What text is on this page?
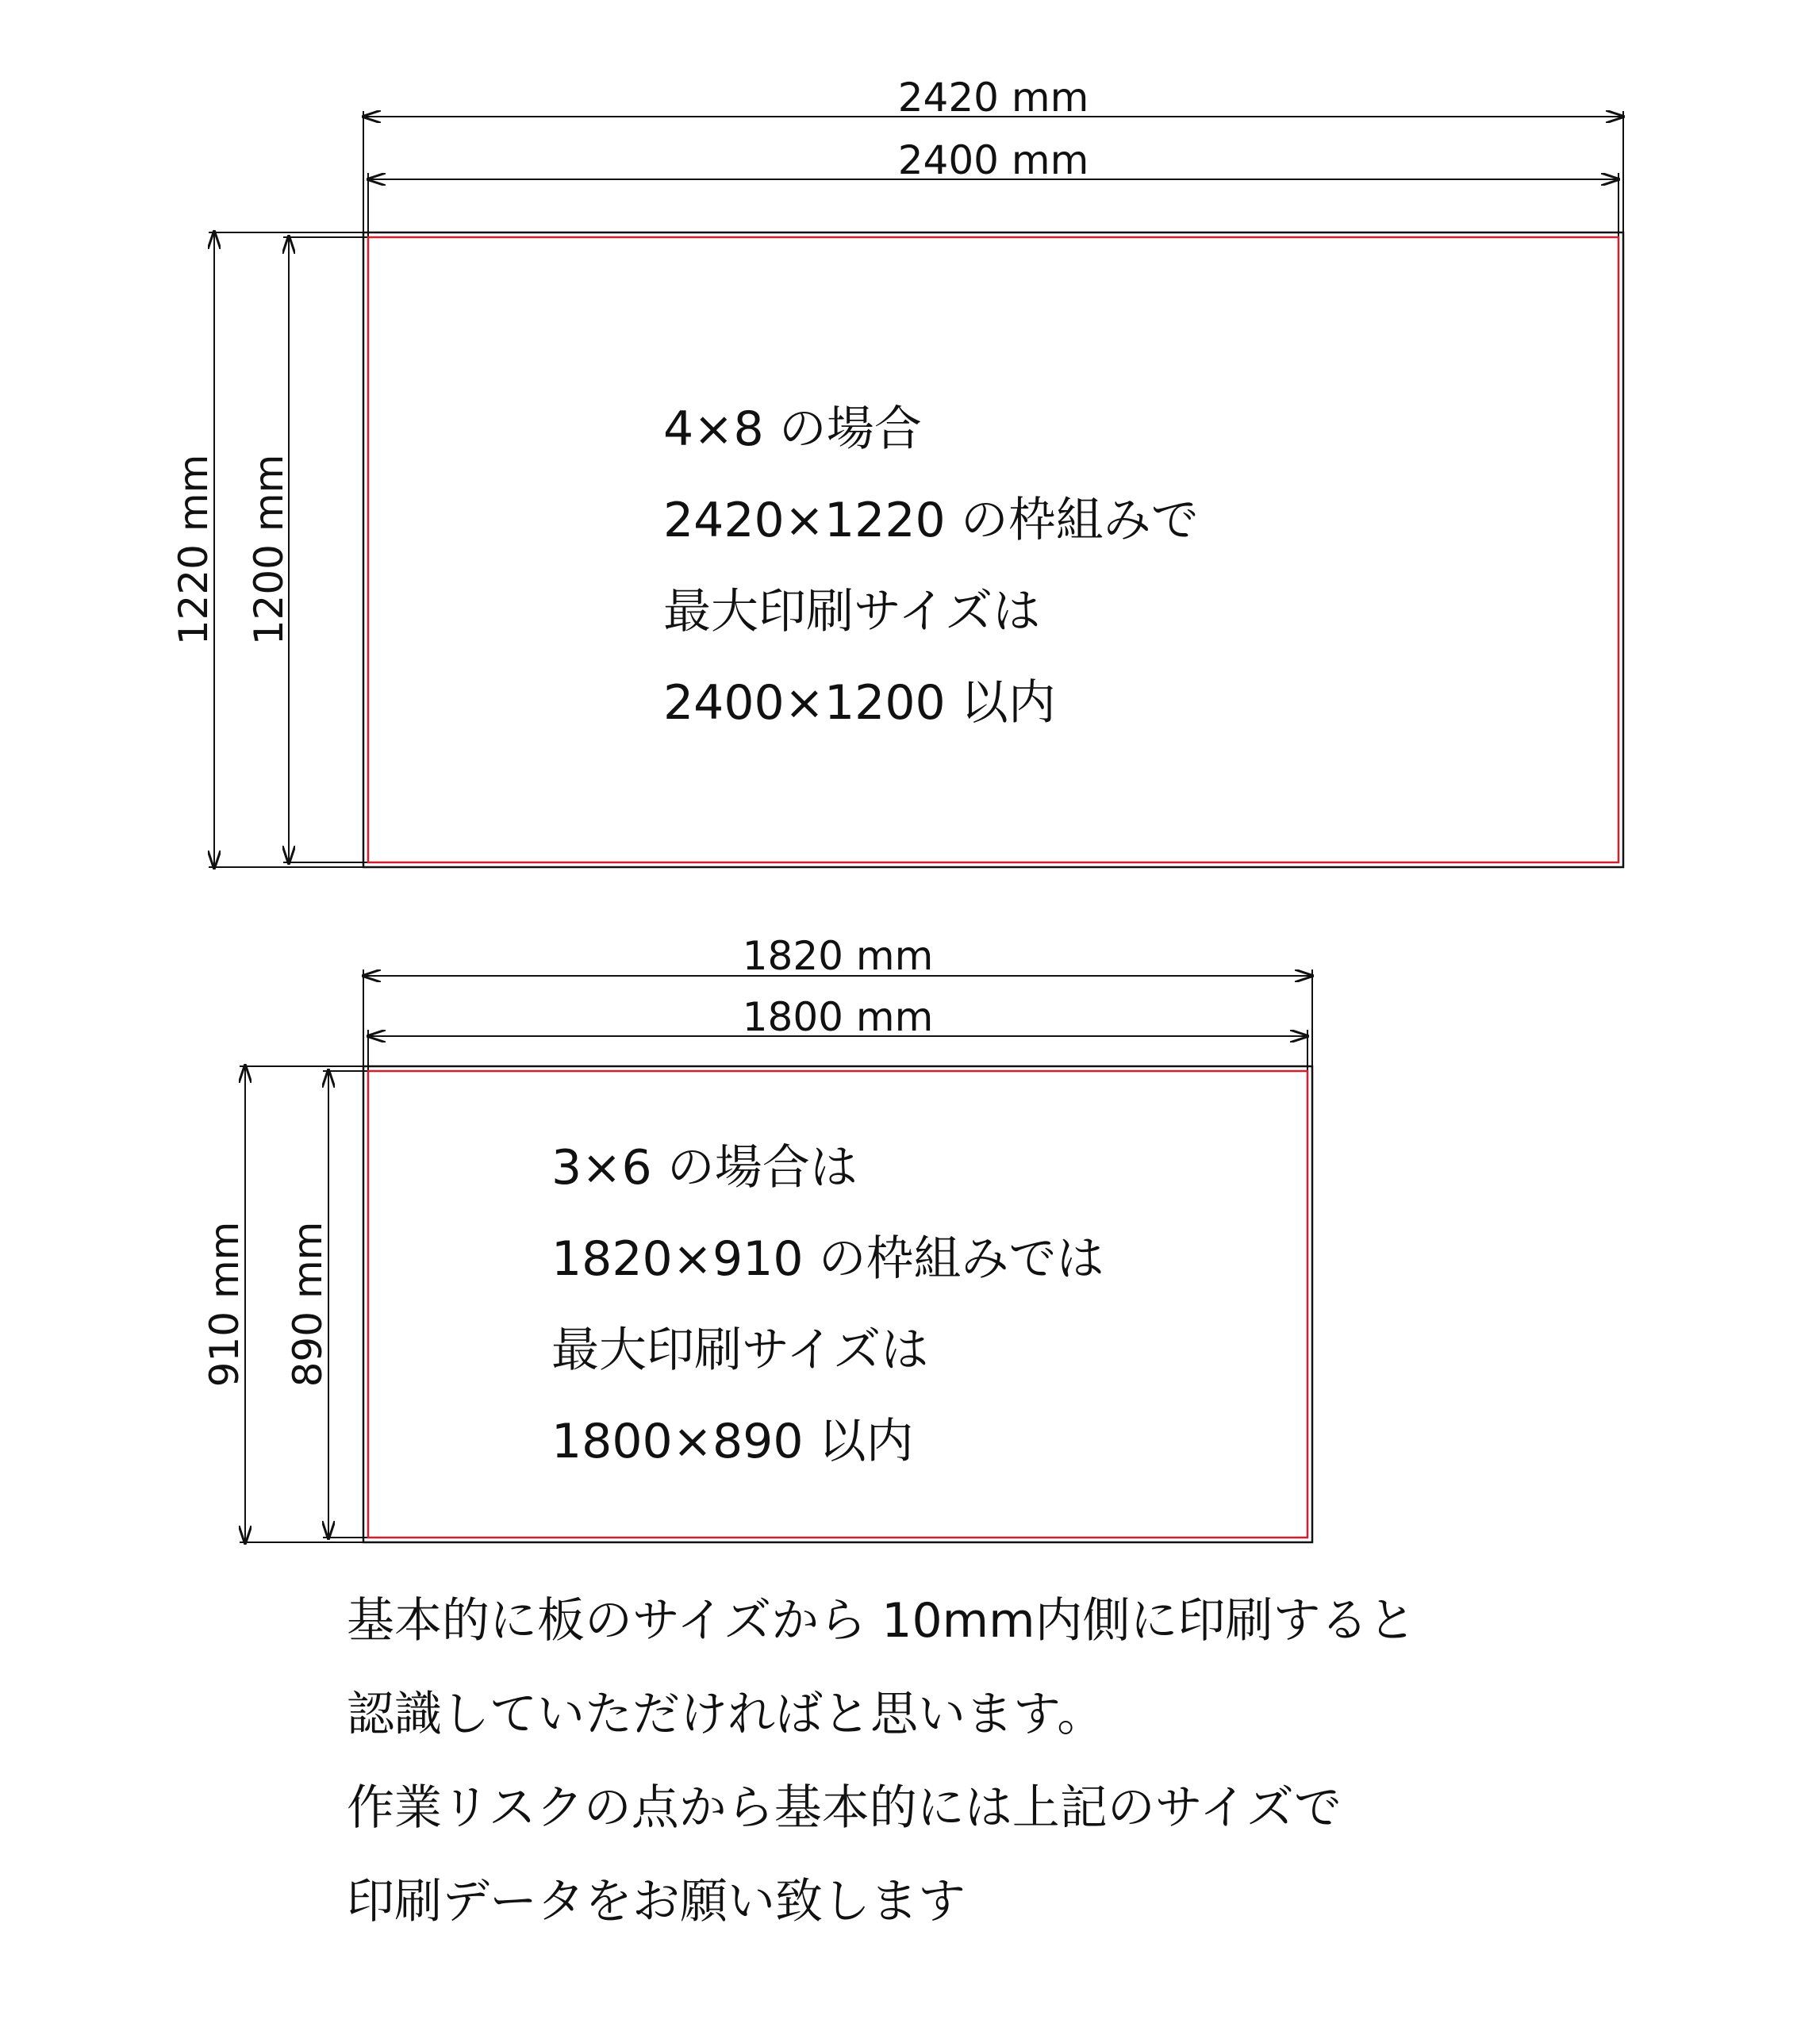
2420 mm
2400 mm
1220 mm 1200 mm
4×8 の場合
2420×1220 の枠組みで
最大印刷サイズは
2400×1200 以内
1820 mm
1800 mm
910 mm 890 mm
3×6 の場合は
1820×910 の枠組みでは
最大印刷サイズは
1800×890 以内
基本的に板のサイズから 10mm内側に印刷すると
認識していただければと思います。
作業リスクの点から基本的には上記のサイズで
印刷データをお願い致します
